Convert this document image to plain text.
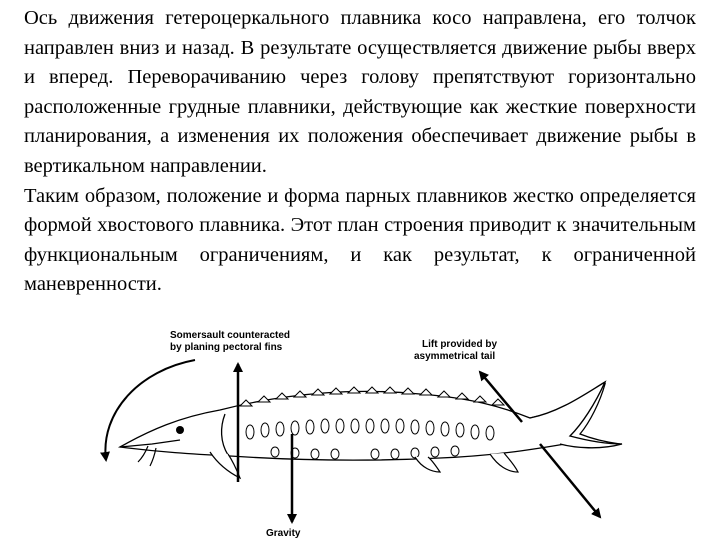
Ось движения гетероцеркального плавника косо направлена, его толчок направлен вниз и назад. В результате осуществляется движение рыбы вверх и вперед. Переворачиванию через голову препятствуют горизонтально расположенные грудные плавники, действующие как жесткие поверхности планирования, а изменения их положения обеспечивает движение рыбы в вертикальном направлении.

Таким образом, положение и форма парных плавников жестко определяется формой хвостового плавника. Этот план строения приводит к значительным функциональным ограничениям, и как результат, к ограниченной маневренности.

Somersault counteracted
by planing pectoral fins	Lift provided by
asymmetrical tail
Gravity
